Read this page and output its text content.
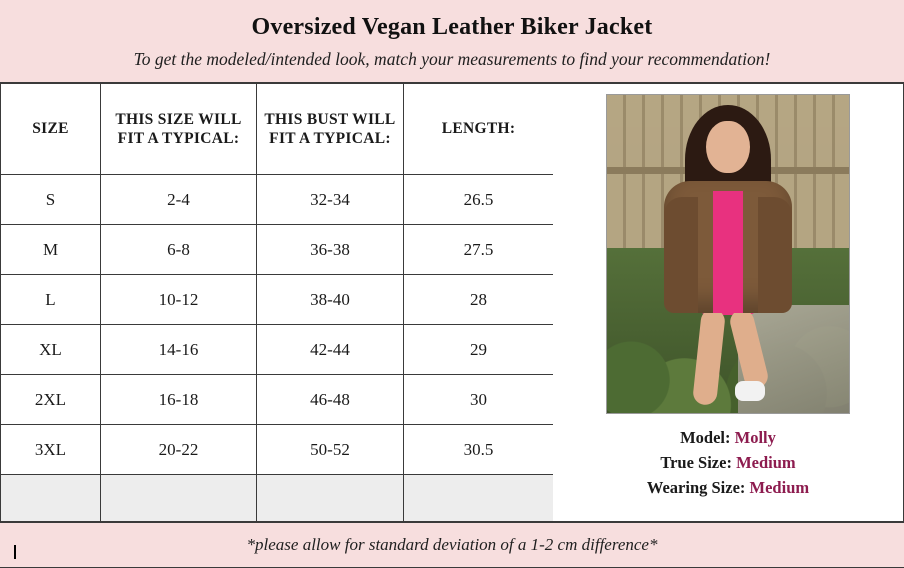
Oversized Vegan Leather Biker Jacket
To get the modeled/intended look, match your measurements to find your recommendation!
SIZE	THIS SIZE WILL FIT A TYPICAL:	THIS BUST WILL FIT A TYPICAL:	LENGTH:
S	2-4	32-34	26.5
M	6-8	36-38	27.5
L	10-12	38-40	28
XL	14-16	42-44	29
2XL	16-18	46-48	30
3XL	20-22	50-52	30.5

Model: Molly
True Size: Medium
Wearing Size: Medium
*please allow for standard deviation of a 1-2 cm difference*
